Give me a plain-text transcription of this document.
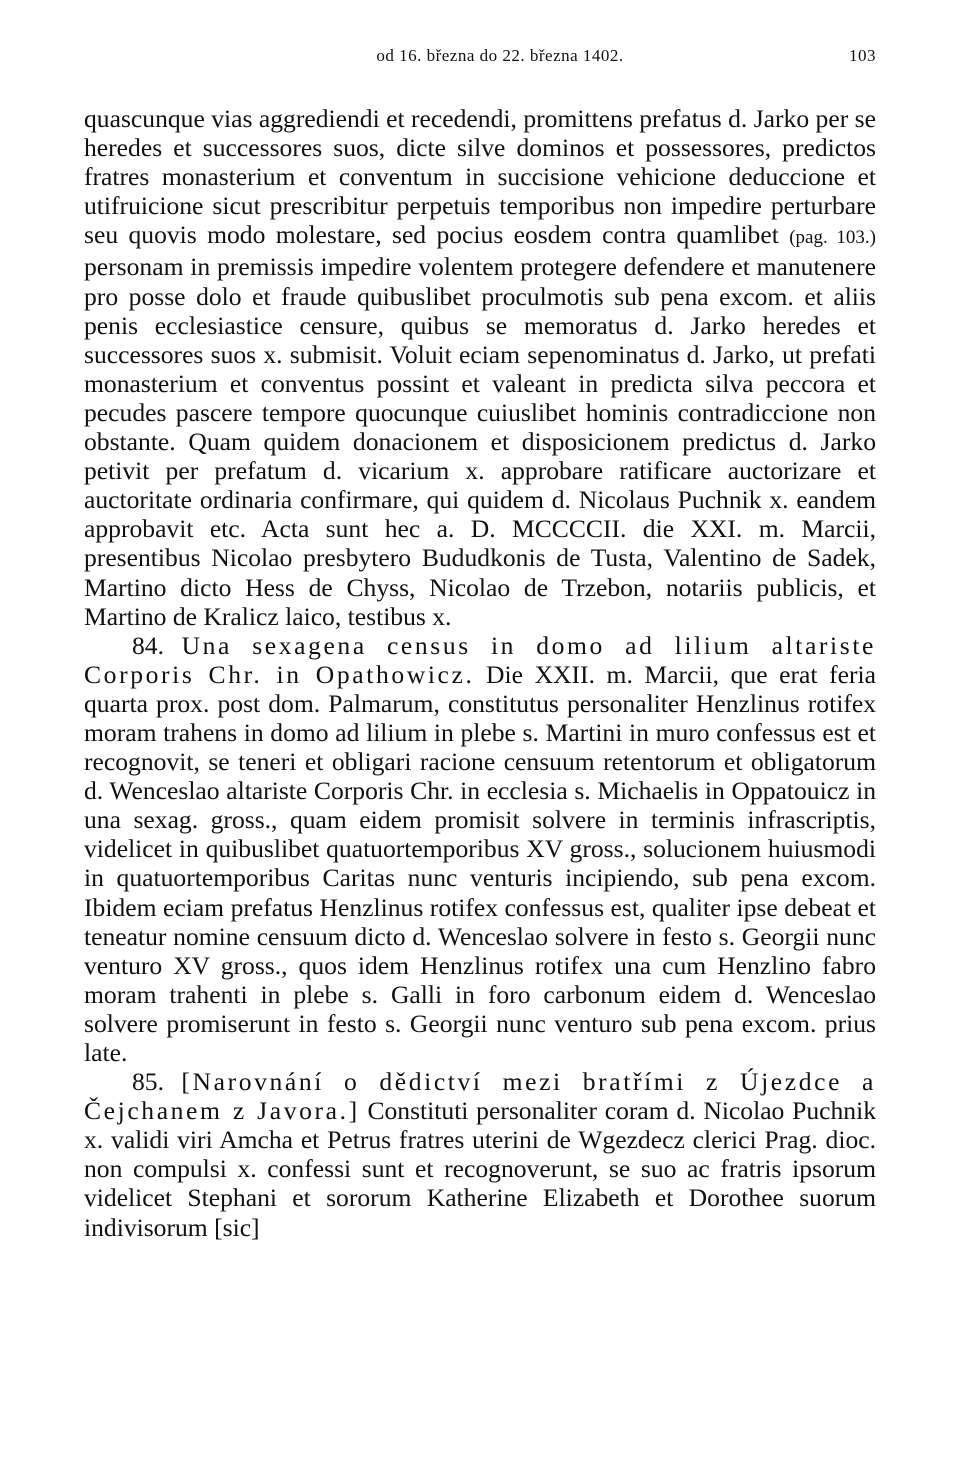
od 16. března do 22. března 1402.	103

quascunque vias aggrediendi et recedendi, promittens prefatus d. Jarko per se heredes et successores suos, dicte silve dominos et possessores, predictos fratres monasterium et conventum in succisione vehicione deduccione et utifruicione sicut prescribitur perpetuis temporibus non impedire perturbare seu quovis modo molestare, sed pocius eosdem contra quamlibet (pag. 103.) personam in premissis impedire volentem protegere defendere et manutenere pro posse dolo et fraude quibuslibet proculmotis sub pena excom. et aliis penis ecclesiastice censure, quibus se memoratus d. Jarko heredes et successores suos x. submisit. Voluit eciam sepenominatus d. Jarko, ut prefati monasterium et conventus possint et valeant in predicta silva peccora et pecudes pascere tempore quocunque cuiuslibet hominis contradiccione non obstante. Quam quidem donacionem et disposicionem predictus d. Jarko petivit per prefatum d. vicarium x. approbare ratificare auctorizare et auctoritate ordinaria confirmare, qui quidem d. Nicolaus Puchnik x. eandem approbavit etc. Acta sunt hec a. D. MCCCCII. die XXI. m. Marcii, presentibus Nicolao presbytero Bududkonis de Tusta, Valentino de Sadek, Martino dicto Hess de Chyss, Nicolao de Trzebon, notariis publicis, et Martino de Kralicz laico, testibus x.

84. Una sexagena census in domo ad lilium altariste Corporis Chr. in Opathowicz. Die XXII. m. Marcii, que erat feria quarta prox. post dom. Palmarum, constitutus personaliter Henzlinus rotifex moram trahens in domo ad lilium in plebe s. Martini in muro confessus est et recognovit, se teneri et obligari racione censuum retentorum et obligatorum d. Wenceslao altariste Corporis Chr. in ecclesia s. Michaelis in Oppatouicz in una sexag. gross., quam eidem promisit solvere in terminis infrascriptis, videlicet in quibuslibet quatuortemporibus XV gross., solucionem huiusmodi in quatuortemporibus Caritas nunc venturis incipiendo, sub pena excom. Ibidem eciam prefatus Henzlinus rotifex confessus est, qualiter ipse debeat et teneatur nomine censuum dicto d. Wenceslao solvere in festo s. Georgii nunc venturo XV gross., quos idem Henzlinus rotifex una cum Henzlino fabro moram trahenti in plebe s. Galli in foro carbonum eidem d. Wenceslao solvere promiserunt in festo s. Georgii nunc venturo sub pena excom. prius late.

85. [Narovnání o dědictví mezi bratřími z Újezdce a Čejchanem z Javora.] Constituti personaliter coram d. Nicolao Puchnik x. validi viri Amcha et Petrus fratres uterini de Wgezdecz clerici Prag. dioc. non compulsi x. confessi sunt et recognoverunt, se suo ac fratris ipsorum videlicet Stephani et sororum Katherine Elizabeth et Dorothee suorum indivisorum [sic]
